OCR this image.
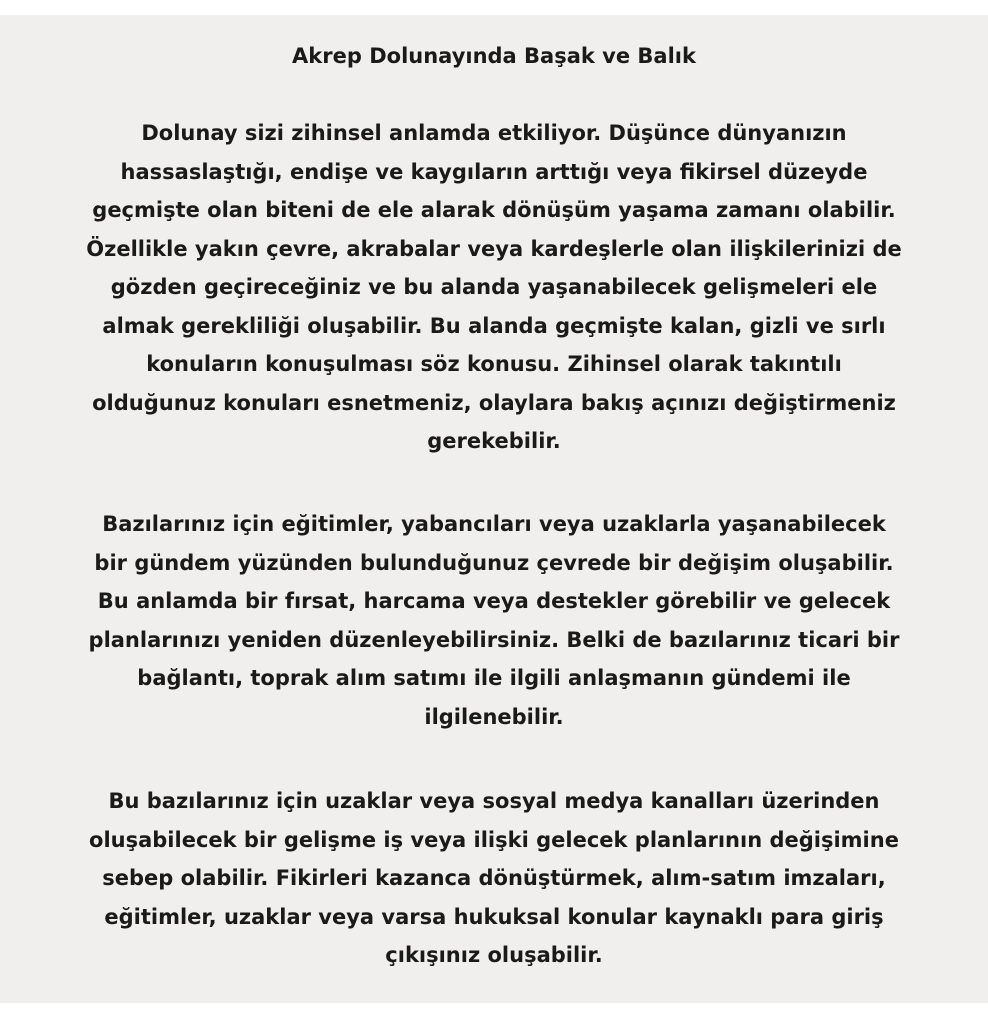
Akrep Dolunayında Başak ve Balık

Dolunay sizi zihinsel anlamda etkiliyor. Düşünce dünyanızın
hassaslaştığı, endişe ve kaygıların arttığı veya fikirsel düzeyde
geçmişte olan biteni de ele alarak dönüşüm yaşama zamanı olabilir.
Özellikle yakın çevre, akrabalar veya kardeşlerle olan ilişkilerinizi de
gözden geçireceğiniz ve bu alanda yaşanabilecek gelişmeleri ele
almak gerekliliği oluşabilir. Bu alanda geçmişte kalan, gizli ve sırlı
konuların konuşulması söz konusu. Zihinsel olarak takıntılı
olduğunuz konuları esnetmeniz, olaylara bakış açınızı değiştirmeniz
gerekebilir.

Bazılarınız için eğitimler, yabancıları veya uzaklarla yaşanabilecek
bir gündem yüzünden bulunduğunuz çevrede bir değişim oluşabilir.
Bu anlamda bir fırsat, harcama veya destekler görebilir ve gelecek
planlarınızı yeniden düzenleyebilirsiniz. Belki de bazılarınız ticari bir
bağlantı, toprak alım satımı ile ilgili anlaşmanın gündemi ile
ilgilenebilir.

Bu bazılarınız için uzaklar veya sosyal medya kanalları üzerinden
oluşabilecek bir gelişme iş veya ilişki gelecek planlarının değişimine
sebep olabilir. Fikirleri kazanca dönüştürmek, alım-satım imzaları,
eğitimler, uzaklar veya varsa hukuksal konular kaynaklı para giriş
çıkışınız oluşabilir.
